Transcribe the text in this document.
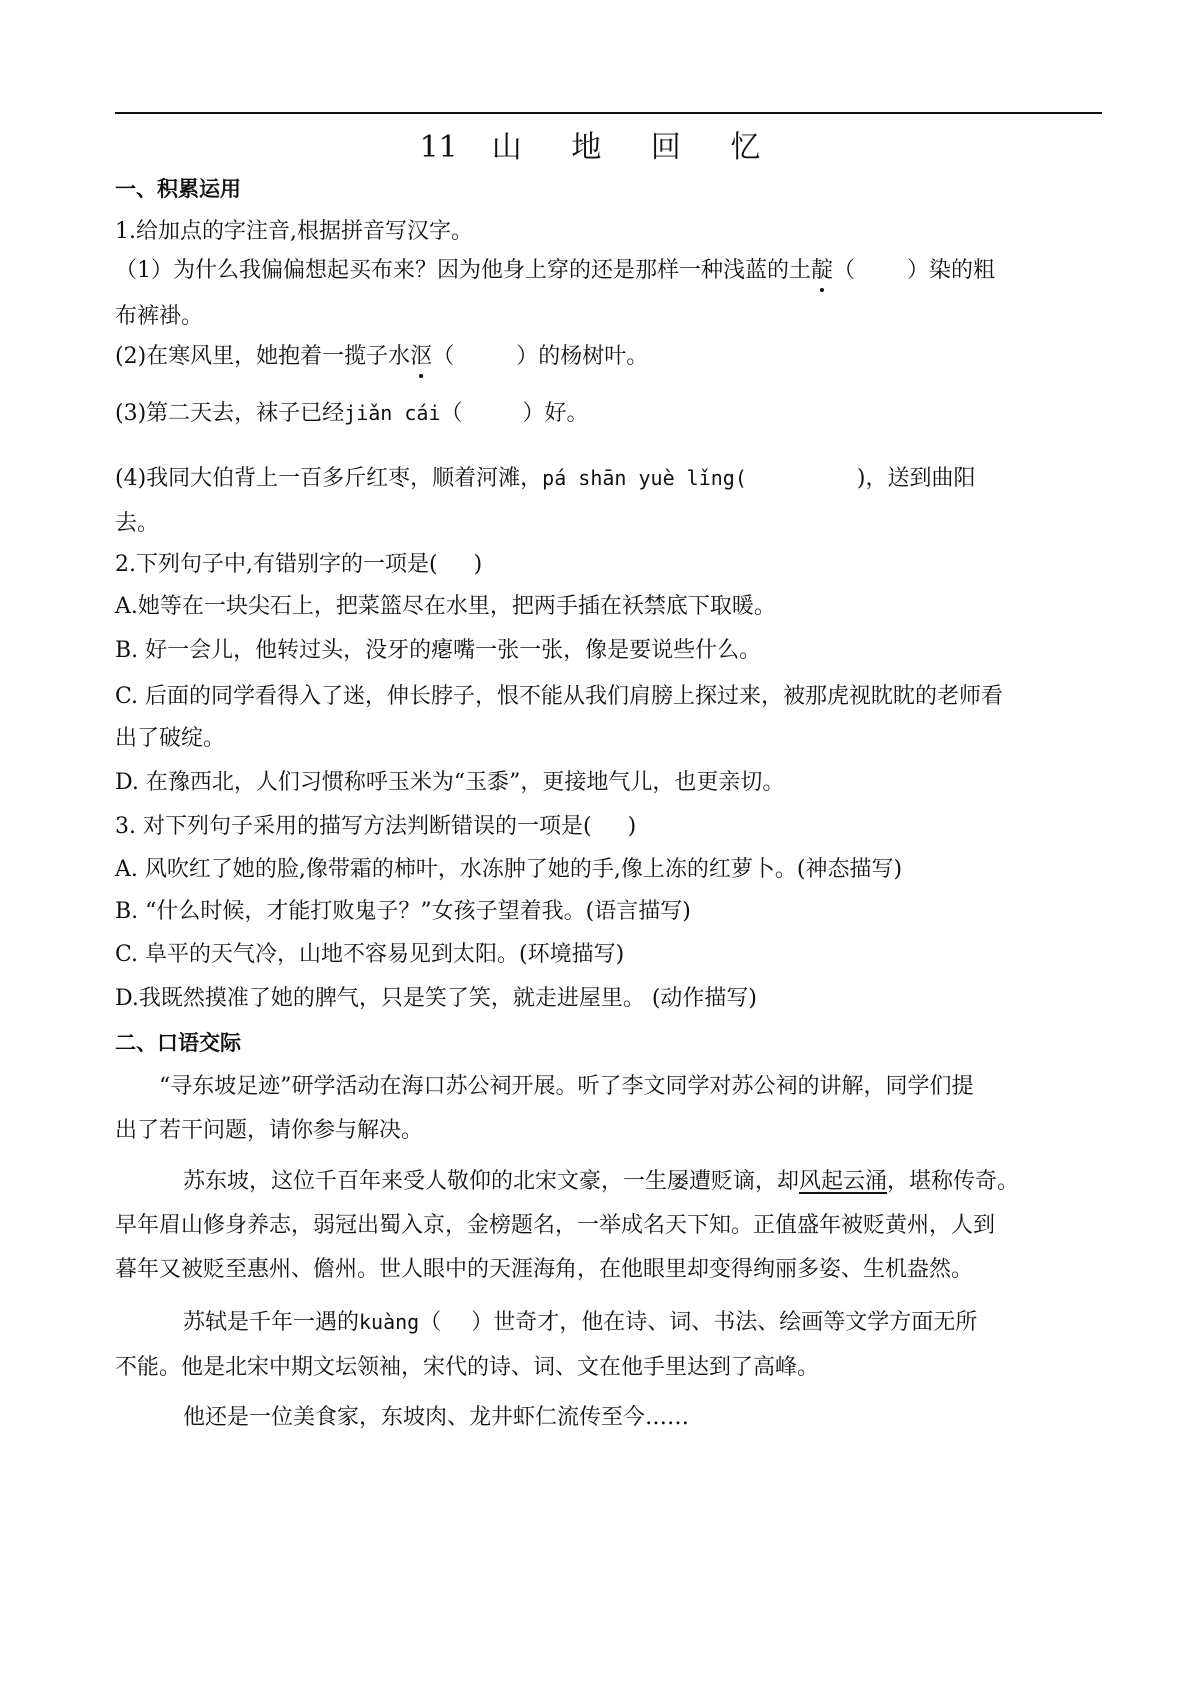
11 山 地 回 忆
一、积累运用
1.给加点的字注音,根据拼音写汉字。
（1）为什么我偏偏想起买布来？因为他身上穿的还是那样一种浅蓝的土靛（ ）染的粗
布裤褂。
(2)在寒风里，她抱着一揽子水沤（	）的杨树叶。
(3)第二天去，袜子已经jiǎn cái（	）好。
(4)我同大伯背上一百多斤红枣，顺着河滩，pá shān yuè lǐng(	)，送到曲阳
去。
2.下列句子中,有错别字的一项是( )
A.她等在一块尖石上，把菜篮尽在水里，把两手插在袄禁底下取暖。
B. 好一会儿，他转过头，没牙的瘪嘴一张一张，像是要说些什么。
C. 后面的同学看得入了迷，伸长脖子，恨不能从我们肩膀上探过来，被那虎视眈眈的老师看
出了破绽。
D. 在豫西北，人们习惯称呼玉米为“玉黍”，更接地气儿，也更亲切。
3. 对下列句子采用的描写方法判断错误的一项是( )
A. 风吹红了她的脸,像带霜的柿叶，水冻肿了她的手,像上冻的红萝卜。(神态描写)
B. “什么时候，才能打败鬼子？”女孩子望着我。(语言描写)
C. 阜平的天气冷，山地不容易见到太阳。(环境描写)
D.我既然摸准了她的脾气，只是笑了笑，就走进屋里。 (动作描写)
二、口语交际
“寻东坡足迹”研学活动在海口苏公祠开展。听了李文同学对苏公祠的讲解，同学们提
出了若干问题，请你参与解决。
苏东坡，这位千百年来受人敬仰的北宋文豪，一生屡遭贬谪，却风起云涌，堪称传奇。
早年眉山修身养志，弱冠出蜀入京，金榜题名，一举成名天下知。正值盛年被贬黄州，人到
暮年又被贬至惠州、儋州。世人眼中的天涯海角，在他眼里却变得绚丽多姿、生机盎然。
苏轼是千年一遇的kuàng（ ）世奇才，他在诗、词、书法、绘画等文学方面无所
不能。他是北宋中期文坛领袖，宋代的诗、词、文在他手里达到了高峰。
他还是一位美食家，东坡肉、龙井虾仁流传至今……
